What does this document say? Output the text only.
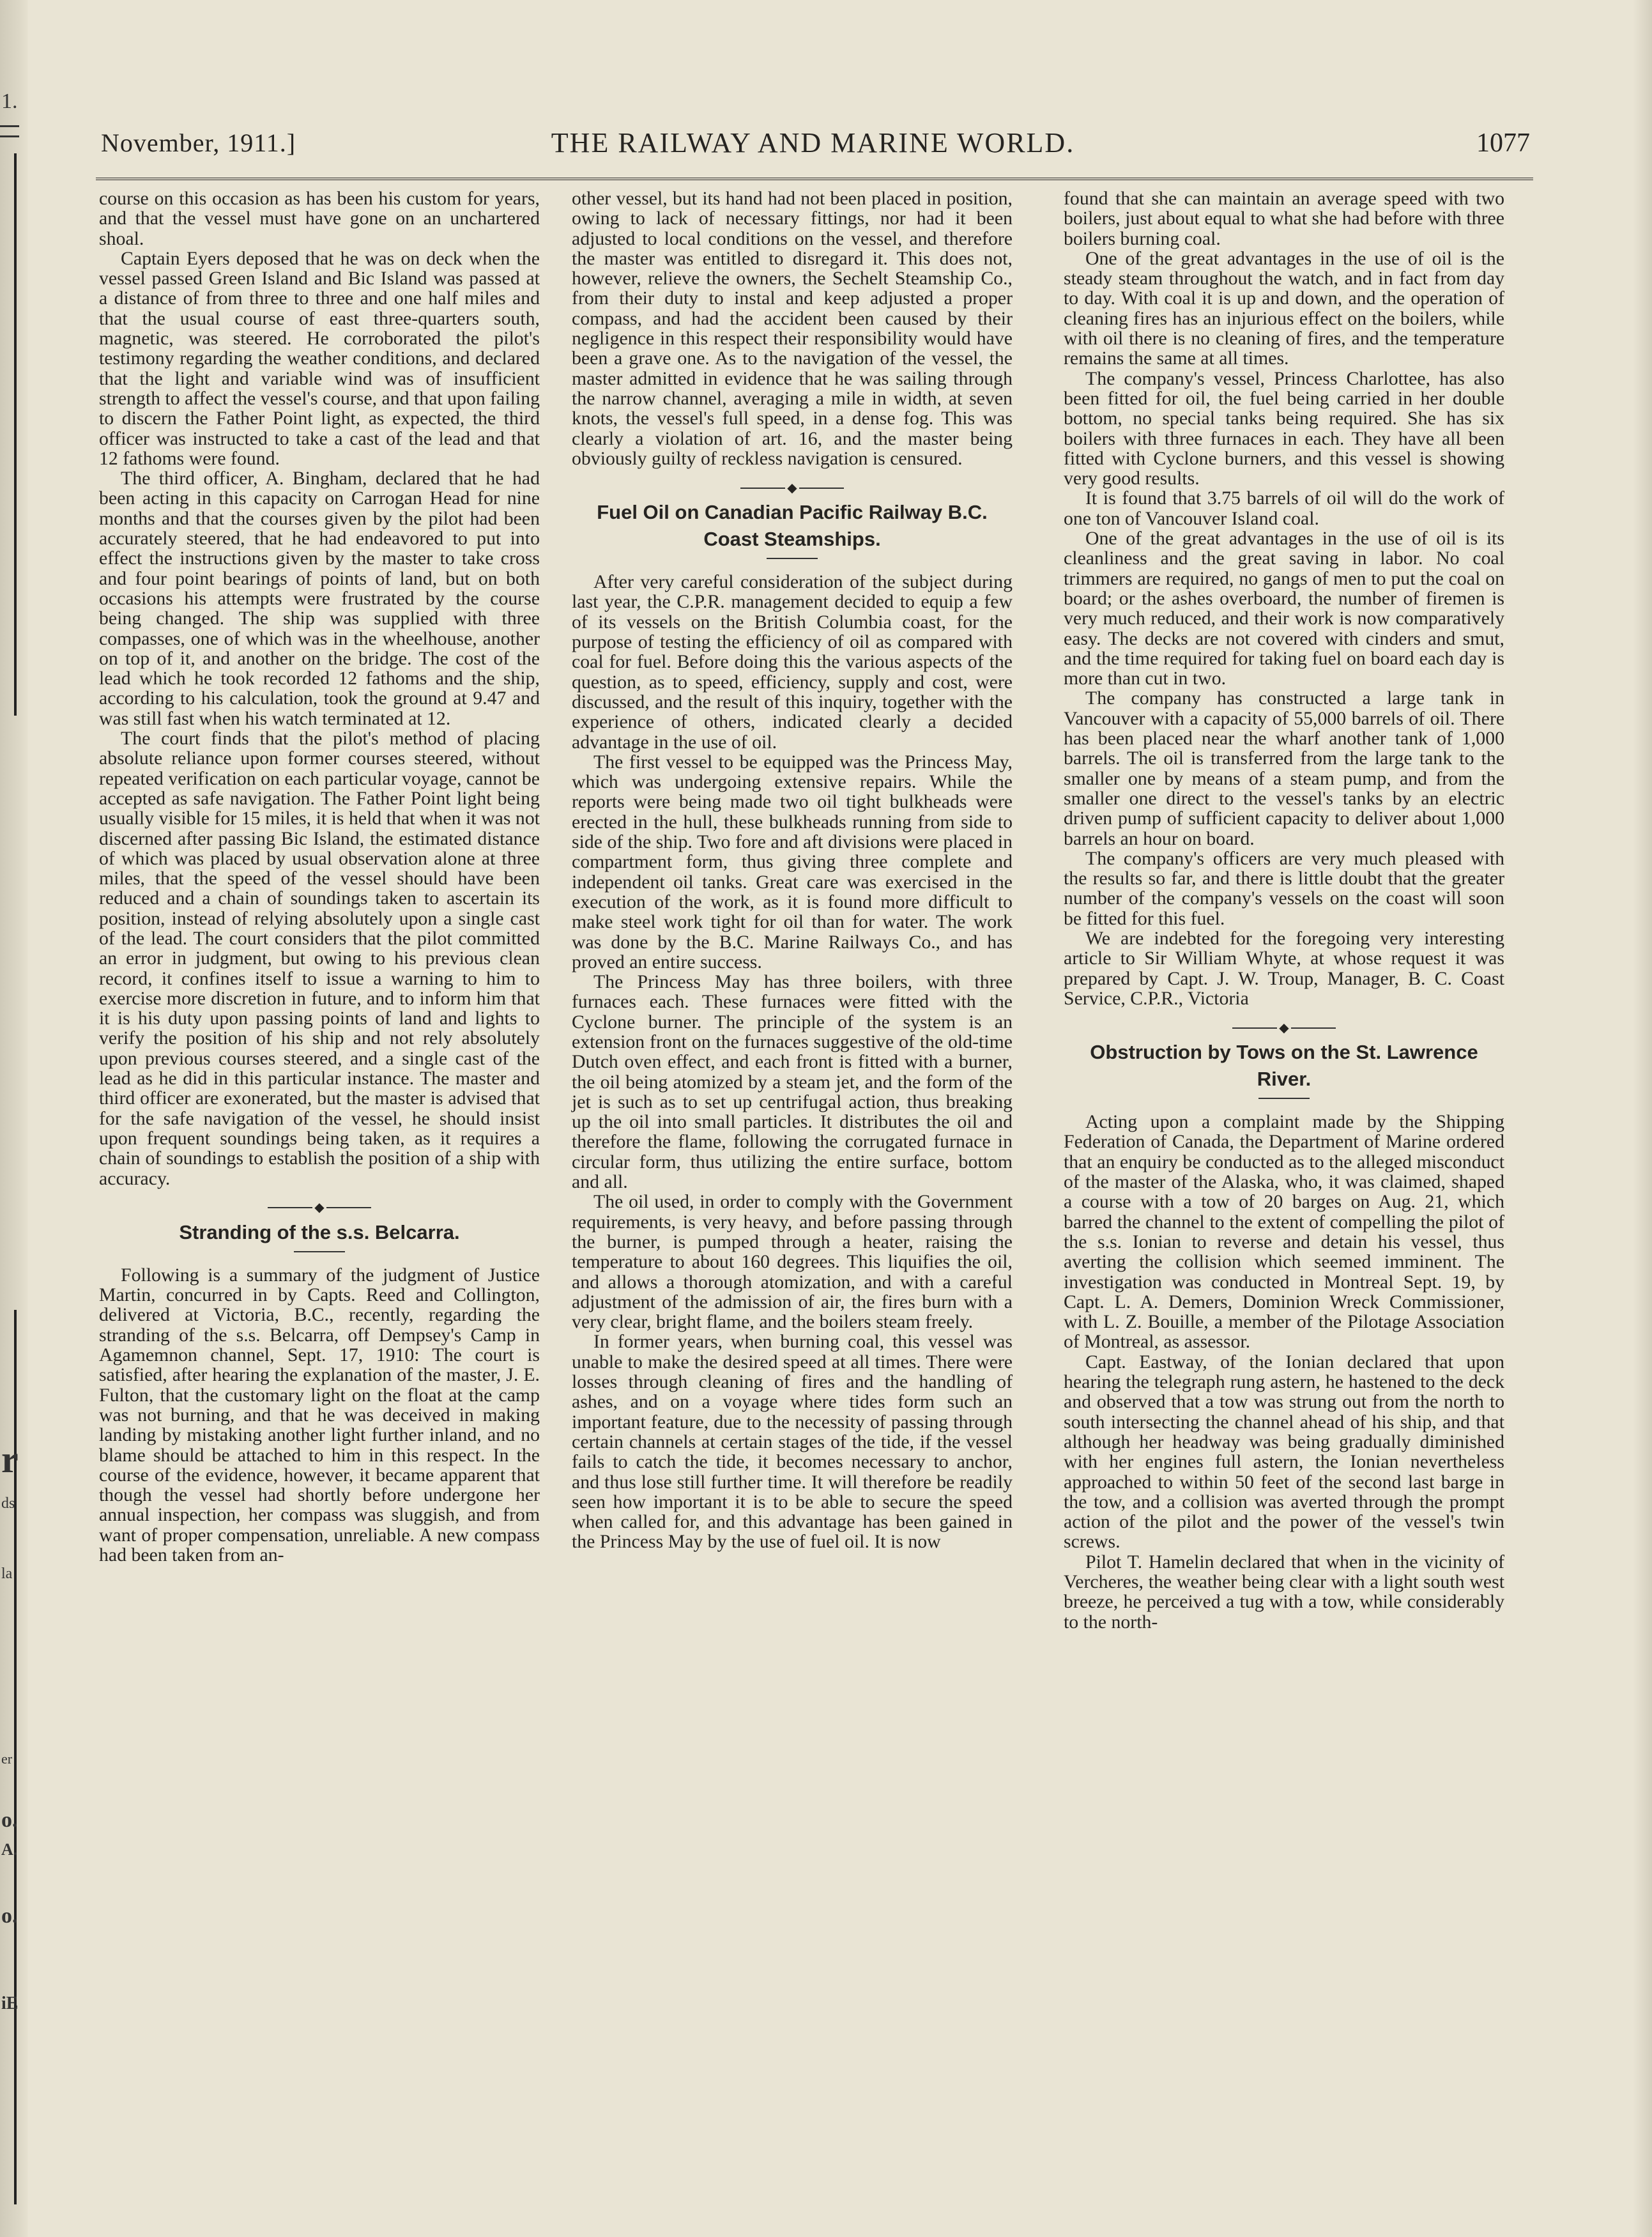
1.
r
ds
la
er
o.
A.
o.
iE
November, 1911.]	THE RAILWAY AND MARINE WORLD.	1077

course on this occasion as has been his custom for years, and that the vessel must have gone on an unchartered shoal.

Captain Eyers deposed that he was on deck when the vessel passed Green Island and Bic Island was passed at a distance of from three to three and one half miles and that the usual course of east three-quarters south, magnetic, was steered. He corroborated the pilot's testimony regarding the weather conditions, and declared that the light and variable wind was of insufficient strength to affect the vessel's course, and that upon failing to discern the Father Point light, as expected, the third officer was instructed to take a cast of the lead and that 12 fathoms were found.

The third officer, A. Bingham, declared that he had been acting in this capacity on Carrogan Head for nine months and that the courses given by the pilot had been accurately steered, that he had endeavored to put into effect the instructions given by the master to take cross and four point bearings of points of land, but on both occasions his attempts were frustrated by the course being changed. The ship was supplied with three compasses, one of which was in the wheelhouse, another on top of it, and another on the bridge. The cost of the lead which he took recorded 12 fathoms and the ship, according to his calculation, took the ground at 9.47 and was still fast when his watch terminated at 12.

The court finds that the pilot's method of placing absolute reliance upon former courses steered, without repeated verification on each particular voyage, cannot be accepted as safe navigation. The Father Point light being usually visible for 15 miles, it is held that when it was not discerned after passing Bic Island, the estimated distance of which was placed by usual observation alone at three miles, that the speed of the vessel should have been reduced and a chain of soundings taken to ascertain its position, instead of relying absolutely upon a single cast of the lead. The court considers that the pilot committed an error in judgment, but owing to his previous clean record, it confines itself to issue a warning to him to exercise more discretion in future, and to inform him that it is his duty upon passing points of land and lights to verify the position of his ship and not rely absolutely upon previous courses steered, and a single cast of the lead as he did in this particular instance. The master and third officer are exonerated, but the master is advised that for the safe navigation of the vessel, he should insist upon frequent soundings being taken, as it requires a chain of soundings to establish the position of a ship with accuracy.

◆
Stranding of the s.s. Belcarra.

Following is a summary of the judgment of Justice Martin, concurred in by Capts. Reed and Collington, delivered at Victoria, B.C., recently, regarding the stranding of the s.s. Belcarra, off Dempsey's Camp in Agamemnon channel, Sept. 17, 1910: The court is satisfied, after hearing the explanation of the master, J. E. Fulton, that the customary light on the float at the camp was not burning, and that he was deceived in making landing by mistaking another light further inland, and no blame should be attached to him in this respect. In the course of the evidence, however, it became apparent that though the vessel had shortly before undergone her annual inspection, her compass was sluggish, and from want of proper compensation, unreliable. A new compass had been taken from an-

other vessel, but its hand had not been placed in position, owing to lack of necessary fittings, nor had it been adjusted to local conditions on the vessel, and therefore the master was entitled to disregard it. This does not, however, relieve the owners, the Sechelt Steamship Co., from their duty to instal and keep adjusted a proper compass, and had the accident been caused by their negligence in this respect their responsibility would have been a grave one. As to the navigation of the vessel, the master admitted in evidence that he was sailing through the narrow channel, averaging a mile in width, at seven knots, the vessel's full speed, in a dense fog. This was clearly a violation of art. 16, and the master being obviously guilty of reckless navigation is censured.

◆
Fuel Oil on Canadian Pacific Railway B.C. Coast Steamships.

After very careful consideration of the subject during last year, the C.P.R. management decided to equip a few of its vessels on the British Columbia coast, for the purpose of testing the efficiency of oil as compared with coal for fuel. Before doing this the various aspects of the question, as to speed, efficiency, supply and cost, were discussed, and the result of this inquiry, together with the experience of others, indicated clearly a decided advantage in the use of oil.

The first vessel to be equipped was the Princess May, which was undergoing extensive repairs. While the reports were being made two oil tight bulkheads were erected in the hull, these bulkheads running from side to side of the ship. Two fore and aft divisions were placed in compartment form, thus giving three complete and independent oil tanks. Great care was exercised in the execution of the work, as it is found more difficult to make steel work tight for oil than for water. The work was done by the B.C. Marine Railways Co., and has proved an entire success.

The Princess May has three boilers, with three furnaces each. These furnaces were fitted with the Cyclone burner. The principle of the system is an extension front on the furnaces suggestive of the old-time Dutch oven effect, and each front is fitted with a burner, the oil being atomized by a steam jet, and the form of the jet is such as to set up centrifugal action, thus breaking up the oil into small particles. It distributes the oil and therefore the flame, following the corrugated furnace in circular form, thus utilizing the entire surface, bottom and all.

The oil used, in order to comply with the Government requirements, is very heavy, and before passing through the burner, is pumped through a heater, raising the temperature to about 160 degrees. This liquifies the oil, and allows a thorough atomization, and with a careful adjustment of the admission of air, the fires burn with a very clear, bright flame, and the boilers steam freely.

In former years, when burning coal, this vessel was unable to make the desired speed at all times. There were losses through cleaning of fires and the handling of ashes, and on a voyage where tides form such an important feature, due to the necessity of passing through certain channels at certain stages of the tide, if the vessel fails to catch the tide, it becomes necessary to anchor, and thus lose still further time. It will therefore be readily seen how important it is to be able to secure the speed when called for, and this advantage has been gained in the Princess May by the use of fuel oil. It is now

found that she can maintain an average speed with two boilers, just about equal to what she had before with three boilers burning coal.

One of the great advantages in the use of oil is the steady steam throughout the watch, and in fact from day to day. With coal it is up and down, and the operation of cleaning fires has an injurious effect on the boilers, while with oil there is no cleaning of fires, and the temperature remains the same at all times.

The company's vessel, Princess Charlottee, has also been fitted for oil, the fuel being carried in her double bottom, no special tanks being required. She has six boilers with three furnaces in each. They have all been fitted with Cyclone burners, and this vessel is showing very good results.

It is found that 3.75 barrels of oil will do the work of one ton of Vancouver Island coal.

One of the great advantages in the use of oil is its cleanliness and the great saving in labor. No coal trimmers are required, no gangs of men to put the coal on board; or the ashes overboard, the number of firemen is very much reduced, and their work is now comparatively easy. The decks are not covered with cinders and smut, and the time required for taking fuel on board each day is more than cut in two.

The company has constructed a large tank in Vancouver with a capacity of 55,000 barrels of oil. There has been placed near the wharf another tank of 1,000 barrels. The oil is transferred from the large tank to the smaller one by means of a steam pump, and from the smaller one direct to the vessel's tanks by an electric driven pump of sufficient capacity to deliver about 1,000 barrels an hour on board.

The company's officers are very much pleased with the results so far, and there is little doubt that the greater number of the company's vessels on the coast will soon be fitted for this fuel.

We are indebted for the foregoing very interesting article to Sir William Whyte, at whose request it was prepared by Capt. J. W. Troup, Manager, B. C. Coast Service, C.P.R., Victoria

◆
Obstruction by Tows on the St. Lawrence River.

Acting upon a complaint made by the Shipping Federation of Canada, the Department of Marine ordered that an enquiry be conducted as to the alleged misconduct of the master of the Alaska, who, it was claimed, shaped a course with a tow of 20 barges on Aug. 21, which barred the channel to the extent of compelling the pilot of the s.s. Ionian to reverse and detain his vessel, thus averting the collision which seemed imminent. The investigation was conducted in Montreal Sept. 19, by Capt. L. A. Demers, Dominion Wreck Commissioner, with L. Z. Bouille, a member of the Pilotage Association of Montreal, as assessor.

Capt. Eastway, of the Ionian declared that upon hearing the telegraph rung astern, he hastened to the deck and observed that a tow was strung out from the north to south intersecting the channel ahead of his ship, and that although her headway was being gradually diminished with her engines full astern, the Ionian nevertheless approached to within 50 feet of the second last barge in the tow, and a collision was averted through the prompt action of the pilot and the power of the vessel's twin screws.

Pilot T. Hamelin declared that when in the vicinity of Vercheres, the weather being clear with a light south west breeze, he perceived a tug with a tow, while considerably to the north-
